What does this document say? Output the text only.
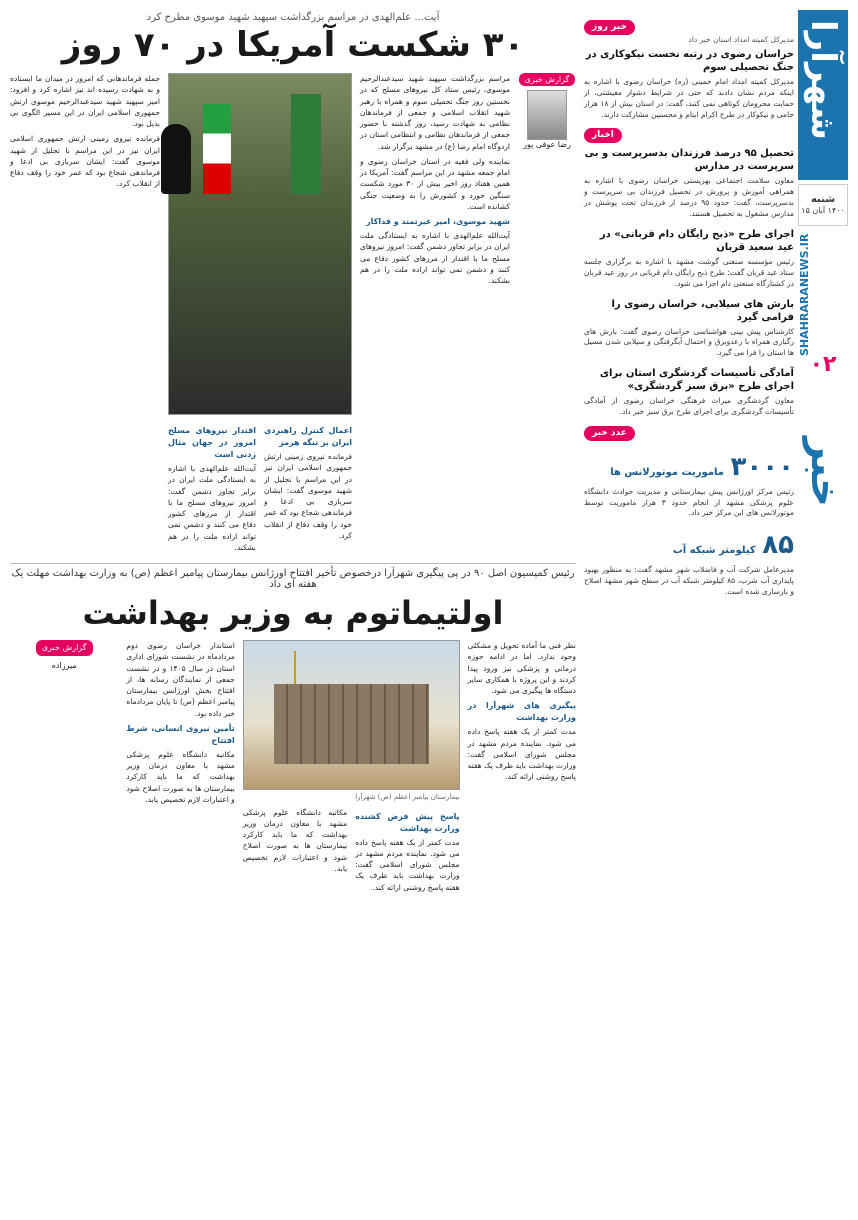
شهرآرا
شنبه
۱۴۰۰ آبان ۱۵
SHAHRARANEWS.IR
۰۲
خبر
خبر روز
مدیرکل کمیته امداد استان خبر داد
خراسان رضوی در رتبه نخست نیکوکاری در جنگ تحصیلی سوم
مدیرکل کمیته امداد امام خمینی (ره) خراسان رضوی با اشاره به اینکه مردم نشان دادند که حتی در شرایط دشوار معیشتی، از حمایت محرومان کوتاهی نمی کنند، گفت: در استان بیش از ۱۸ هزار حامی و نیکوکار در طرح اکرام ایتام و محسنین مشارکت دارند.
اخبار
تحصیل ۹۵ درصد فرزندان بدسرپرست و بی سرپرست در مدارس
معاون سلامت اجتماعی بهزیستی خراسان رضوی با اشاره به همراهی آموزش و پرورش در تحصیل فرزندان بی سرپرست و بدسرپرست، گفت: حدود ۹۵ درصد از فرزندان تحت پوشش در مدارس مشغول به تحصیل هستند.
اجرای طرح «ذبح رایگان دام قربانی» در عید سعید قربان
رئیس مؤسسه صنعتی گوشت مشهد با اشاره به برگزاری جلسه ستاد عید قربان گفت: طرح ذبح رایگان دام قربانی در روز عید قربان در کشتارگاه صنعتی دام اجرا می شود.
بارش های سیلابی، خراسان رضوی را فرامی گیرد
کارشناس پیش بینی هواشناسی خراسان رضوی گفت: بارش های رگباری همراه با رعدوبرق و احتمال آبگرفتگی و سیلابی شدن مسیل ها استان را فرا می گیرد.
آمادگی تأسیسات گردشگری استان برای اجرای طرح «برق سبز گردشگری»
معاون گردشگری میراث فرهنگی خراسان رضوی از آمادگی تأسیسات گردشگری برای اجرای طرح برق سبز خبر داد.
عدد خبر
۳۰۰۰ ماموریت موتورلانس ها
رئیس مرکز اورژانس پیش بیمارستانی و مدیریت حوادث دانشگاه علوم پزشکی مشهد از انجام حدود ۳ هزار ماموریت توسط موتورلانس های این مرکز خبر داد.
۸۵ کیلومتر شبکه آب
مدیرعامل شرکت آب و فاضلاب شهر مشهد گفت: به منظور بهبود پایداری آب شرب، ۸۵ کیلومتر شبکه آب در سطح شهر مشهد اصلاح و بازسازی شده است.
آیت‌... علم‌الهدی در مراسم بزرگداشت سپهبد شهید موسوی مطرح کرد
۳۰ شکست آمریکا در ۷۰ روز
گزارش خبری
رضا عوفی پور

مراسم بزرگداشت سپهبد شهید سیدعبدالرحیم موسوی، رئیس ستاد کل نیروهای مسلح که در نخستین روز جنگ تحمیلی سوم و همراه با رهبر شهید انقلاب اسلامی و جمعی از فرماندهان نظامی به شهادت رسید، روز گذشته با حضور جمعی از فرماندهان نظامی و انتظامی استان در اردوگاه امام رضا (ع) در مشهد برگزار شد.

نماینده ولی فقیه در استان خراسان رضوی و امام جمعه مشهد در این مراسم گفت: آمریکا در همین هفتاد روز اخیر بیش از ۳۰ مورد شکست سنگین خورد و کشورش را به وضعیت جنگی کشانده است.

شهید موسوی، امیر غیرتمند و فداکار

آیت‌الله علم‌الهدی با اشاره به ایستادگی ملت ایران در برابر تجاوز دشمن گفت: امروز نیروهای مسلح ما با اقتدار از مرزهای کشور دفاع می کنند و دشمن نمی تواند اراده ملت را در هم بشکند.

اعمال کنترل راهبردی ایران بر تنگه هرمز

فرمانده نیروی زمینی ارتش جمهوری اسلامی ایران نیز در این مراسم با تجلیل از شهید موسوی گفت: ایشان سربازی بی ادعا و فرماندهی شجاع بود که عمر خود را وقف دفاع از انقلاب کرد.

اقتدار نیروهای مسلح امروز در جهان مثال زدنی است

آیت‌الله علم‌الهدی با اشاره به ایستادگی ملت ایران در برابر تجاوز دشمن گفت: امروز نیروهای مسلح ما با اقتدار از مرزهای کشور دفاع می کنند و دشمن نمی تواند اراده ملت را در هم بشکند.

جمله فرماندهانی که امروز در میدان ما ایستاده و به شهادت رسیده اند نیز اشاره کرد و افزود: امیر سپهبد شهید سیدعبدالرحیم موسوی ارتش جمهوری اسلامی ایران در این مسیر الگوی بی بدیل بود.

فرمانده نیروی زمینی ارتش جمهوری اسلامی ایران نیز در این مراسم با تجلیل از شهید موسوی گفت: ایشان سربازی بی ادعا و فرماندهی شجاع بود که عمر خود را وقف دفاع از انقلاب کرد.

رئیس کمیسیون اصل ۹۰ در پی پیگیری شهرآرا درخصوص تأخیر افتتاح اورژانس بیمارستان پیامبر اعظم (ص) به وزارت بهداشت مهلت یک هفته ای داد
اولتیماتوم به وزیر بهداشت

نظر فنی ما آماده تحویل و مشکلی وجود ندارد. اما در ادامه حوزه درمانی و پزشکی نیز ورود پیدا کردند و این پروژه با همکاری سایر دستگاه ها پیگیری می شود.

پیگیری های شهرآرا در وزارت بهداشت

مدت کمتر از یک هفته پاسخ داده می شود. نماینده مردم مشهد در مجلس شورای اسلامی گفت: وزارت بهداشت باید ظرف یک هفته پاسخ روشنی ارائه کند.

بیمارستان پیامبر اعظم (ص) شهرآرا
پاسخ پیش فرض کشنده وزارت بهداشت

مدت کمتر از یک هفته پاسخ داده می شود. نماینده مردم مشهد در مجلس شورای اسلامی گفت: وزارت بهداشت باید ظرف یک هفته پاسخ روشنی ارائه کند.

مکاتبه دانشگاه علوم پزشکی مشهد با معاون درمان وزیر بهداشت که ما باید کارکرد بیمارستان ها به صورت اصلاح شود و اعتبارات لازم تخصیص یابد.

استاندار خراسان رضوی دوم مردادماه در نشست شورای اداری استان در سال ۱۴۰۵ و در نشست جمعی از نمایندگان رسانه ها، از افتتاح بخش اورژانس بیمارستان پیامبر اعظم (ص) تا پایان مردادماه خبر داده بود.

تأمین نیروی انسانی، شرط افتتاح

مکاتبه دانشگاه علوم پزشکی مشهد با معاون درمان وزیر بهداشت که ما باید کارکرد بیمارستان ها به صورت اصلاح شود و اعتبارات لازم تخصیص یابد.

گزارش خبری
میرزاده
